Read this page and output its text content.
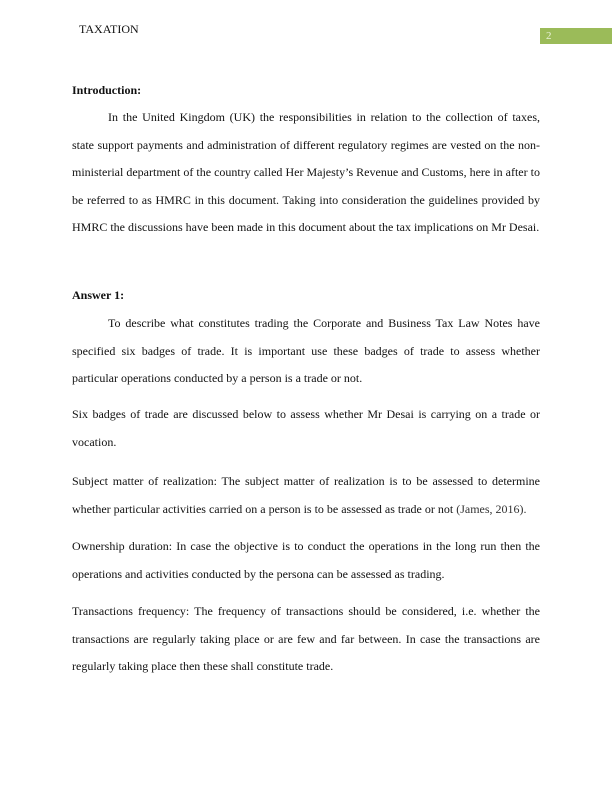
TAXATION	2
Introduction:
In the United Kingdom (UK) the responsibilities in relation to the collection of taxes, state support payments and administration of different regulatory regimes are vested on the non-ministerial department of the country called Her Majesty’s Revenue and Customs, here in after to be referred to as HMRC in this document. Taking into consideration the guidelines provided by HMRC the discussions have been made in this document about the tax implications on Mr Desai.
Answer 1:
To describe what constitutes trading the Corporate and Business Tax Law Notes have specified six badges of trade. It is important use these badges of trade to assess whether particular operations conducted by a person is a trade or not.
Six badges of trade are discussed below to assess whether Mr Desai is carrying on a trade or vocation.
Subject matter of realization: The subject matter of realization is to be assessed to determine whether particular activities carried on a person is to be assessed as trade or not (James, 2016).
Ownership duration: In case the objective is to conduct the operations in the long run then the operations and activities conducted by the persona can be assessed as trading.
Transactions frequency: The frequency of transactions should be considered, i.e. whether the transactions are regularly taking place or are few and far between. In case the transactions are regularly taking place then these shall constitute trade.
